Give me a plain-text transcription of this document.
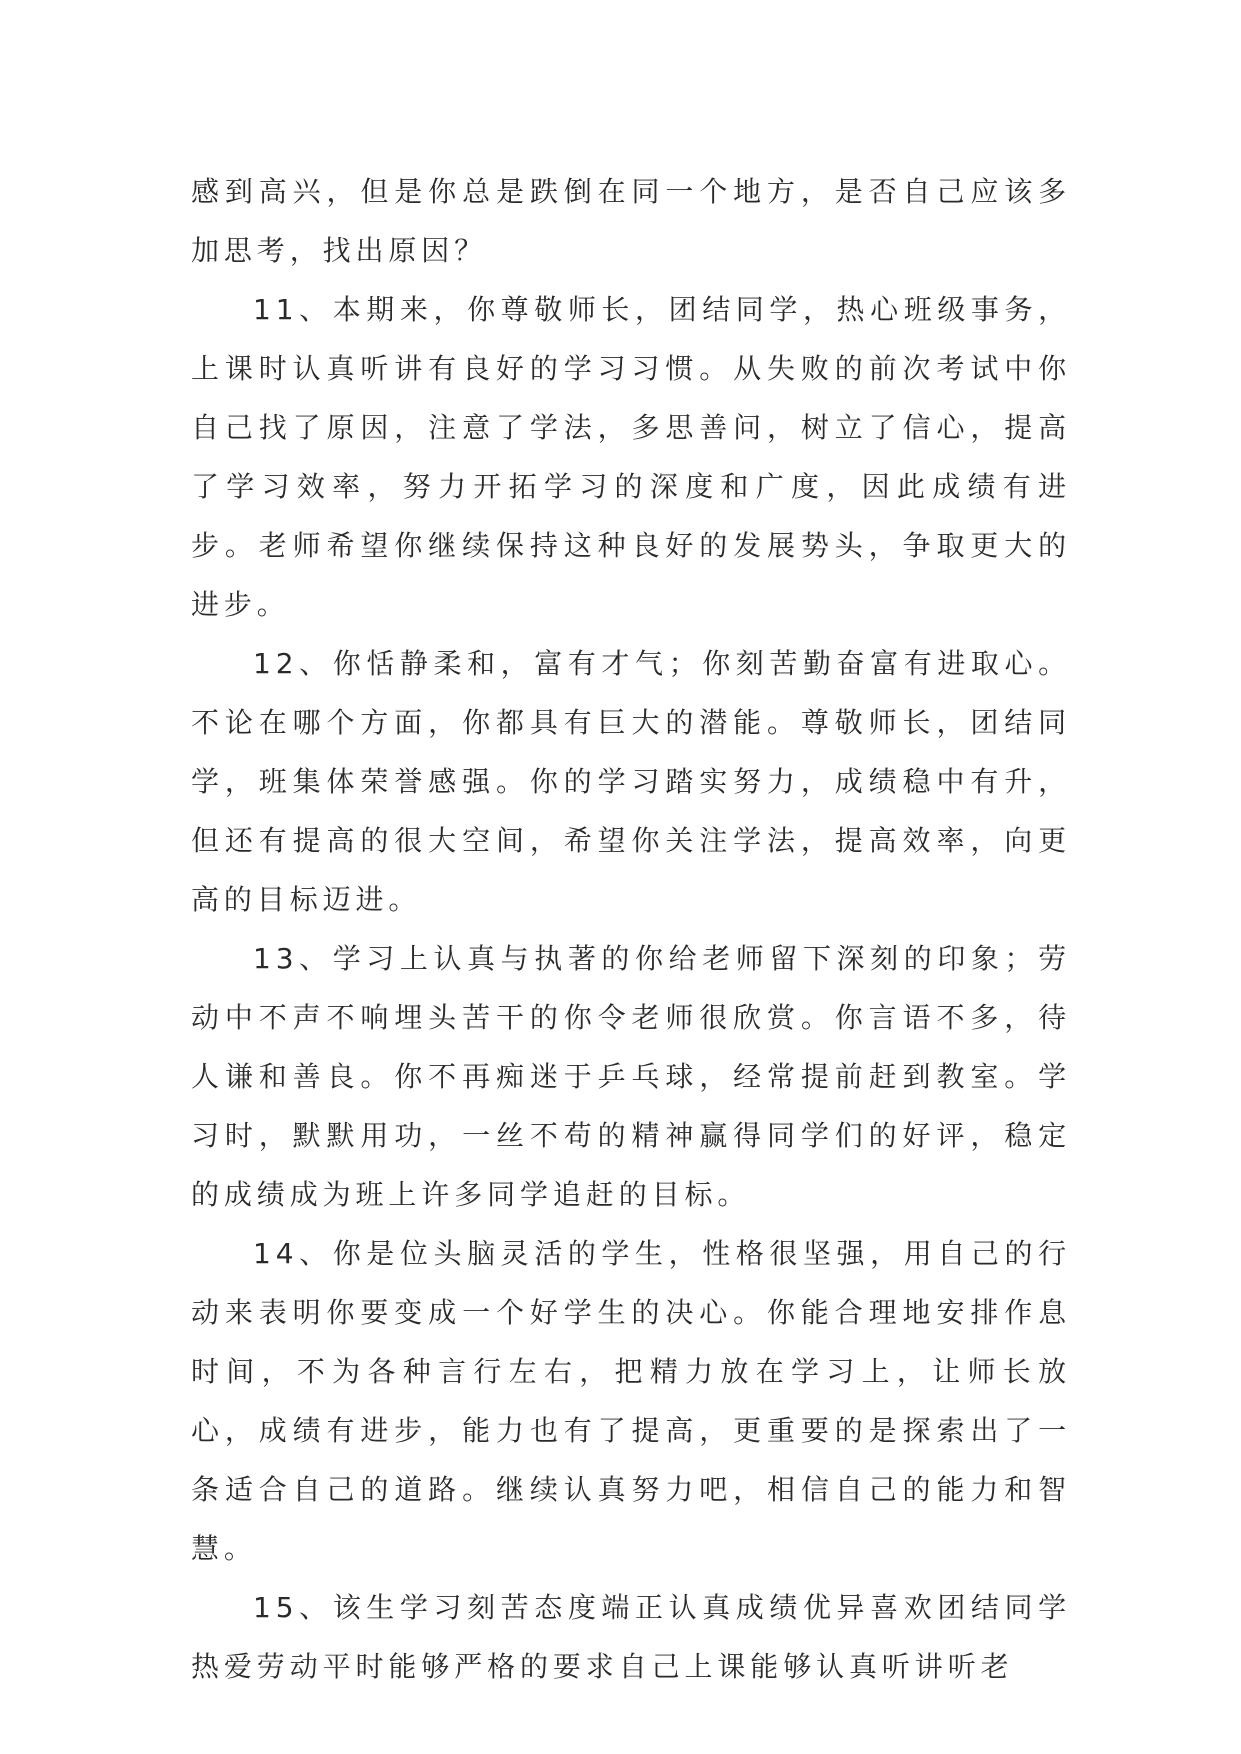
感到高兴，但是你总是跌倒在同一个地方，是否自己应该多加思考，找出原因？

11、本期来，你尊敬师长，团结同学，热心班级事务，上课时认真听讲有良好的学习习惯。从失败的前次考试中你自己找了原因，注意了学法，多思善问，树立了信心，提高了学习效率，努力开拓学习的深度和广度，因此成绩有进步。老师希望你继续保持这种良好的发展势头，争取更大的进步。

12、你恬静柔和，富有才气；你刻苦勤奋富有进取心。不论在哪个方面，你都具有巨大的潜能。尊敬师长，团结同学，班集体荣誉感强。你的学习踏实努力，成绩稳中有升，但还有提高的很大空间，希望你关注学法，提高效率，向更高的目标迈进。

13、学习上认真与执著的你给老师留下深刻的印象；劳动中不声不响埋头苦干的你令老师很欣赏。你言语不多，待人谦和善良。你不再痴迷于乒乓球，经常提前赶到教室。学习时，默默用功，一丝不苟的精神赢得同学们的好评，稳定的成绩成为班上许多同学追赶的目标。

14、你是位头脑灵活的学生，性格很坚强，用自己的行动来表明你要变成一个好学生的决心。你能合理地安排作息时间，不为各种言行左右，把精力放在学习上，让师长放心，成绩有进步，能力也有了提高，更重要的是探索出了一条适合自己的道路。继续认真努力吧，相信自己的能力和智慧。

15、该生学习刻苦态度端正认真成绩优异喜欢团结同学热爱劳动平时能够严格的要求自己上课能够认真听讲听老
